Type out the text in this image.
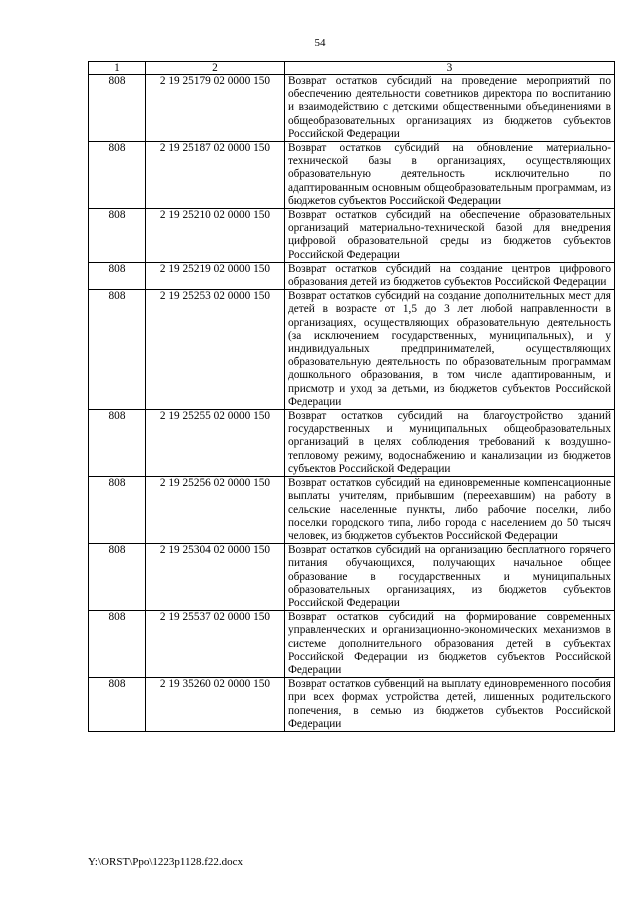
54
1	2	3
808	2 19 25179 02 0000 150	Возврат остатков субсидий на проведение мероприятий по обеспечению деятельности советников директора по воспитанию и взаимодействию с детскими общественными объединениями в общеобразовательных организациях из бюджетов субъектов Российской Федерации
808	2 19 25187 02 0000 150	Возврат остатков субсидий на обновление материально-технической базы в организациях, осуществляющих образовательную деятельность исключительно по адаптированным основным общеобразовательным программам, из бюджетов субъектов Российской Федерации
808	2 19 25210 02 0000 150	Возврат остатков субсидий на обеспечение образовательных организаций материально-технической базой для внедрения цифровой образовательной среды из бюджетов субъектов Российской Федерации
808	2 19 25219 02 0000 150	Возврат остатков субсидий на создание центров цифрового образования детей из бюджетов субъектов Российской Федерации
808	2 19 25253 02 0000 150	Возврат остатков субсидий на создание дополнительных мест для детей в возрасте от 1,5 до 3 лет любой направленности в организациях, осуществляющих образовательную деятельность (за исключением государственных, муниципальных), и у индивидуальных предпринимателей, осуществляющих образовательную деятельность по образовательным программам дошкольного образования, в том числе адаптированным, и присмотр и уход за детьми, из бюджетов субъектов Российской Федерации
808	2 19 25255 02 0000 150	Возврат остатков субсидий на благоустройство зданий государственных и муниципальных общеобразовательных организаций в целях соблюдения требований к воздушно-тепловому режиму, водоснабжению и канализации из бюджетов субъектов Российской Федерации
808	2 19 25256 02 0000 150	Возврат остатков субсидий на единовременные компенсационные выплаты учителям, прибывшим (переехавшим) на работу в сельские населенные пункты, либо рабочие поселки, либо поселки городского типа, либо города с населением до 50 тысяч человек, из бюджетов субъектов Российской Федерации
808	2 19 25304 02 0000 150	Возврат остатков субсидий на организацию бесплатного горячего питания обучающихся, получающих начальное общее образование в государственных и муниципальных образовательных организациях, из бюджетов субъектов Российской Федерации
808	2 19 25537 02 0000 150	Возврат остатков субсидий на формирование современных управленческих и организационно-экономических механизмов в системе дополнительного образования детей в субъектах Российской Федерации из бюджетов субъектов Российской Федерации
808	2 19 35260 02 0000 150	Возврат остатков субвенций на выплату единовременного пособия при всех формах устройства детей, лишенных родительского попечения, в семью из бюджетов субъектов Российской Федерации
Y:\ORST\Ppo\1223p1128.f22.docx
